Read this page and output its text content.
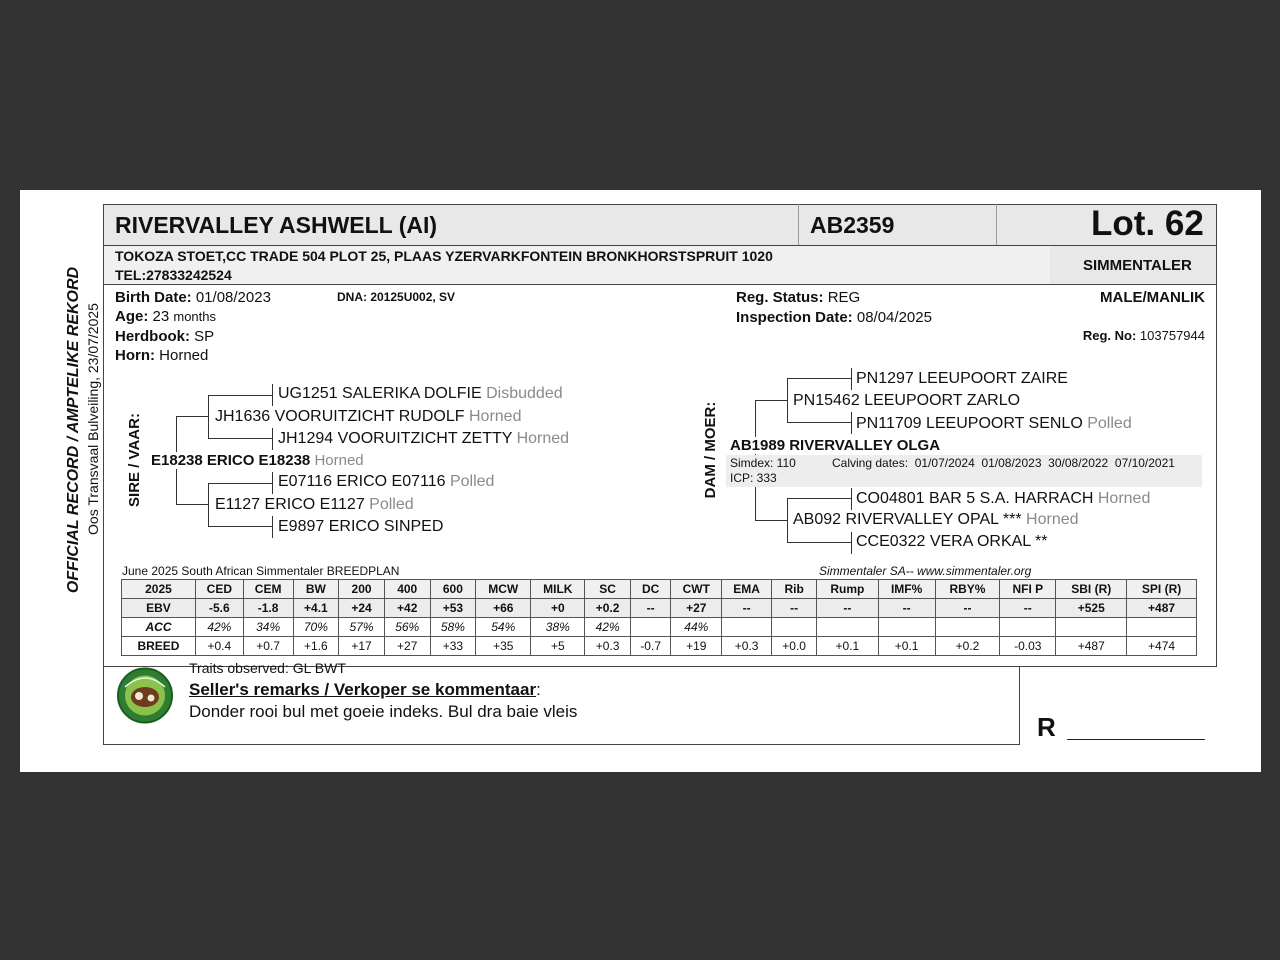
OFFICIAL RECORD / AMPTELIKE REKORD Oos Transvaal Bulveiling, 23/07/2025
RIVERVALLEY ASHWELL (AI)	AB2359	Lot. 62
TOKOZA STOET,CC TRADE 504 PLOT 25, PLAAS YZERVARKFONTEIN BRONKHORSTSPRUIT 1020
TEL:27833242524
SIMMENTALER
Birth Date: 01/08/2023	DNA: 20125U002, SV
Age: 23 months
Herdbook: SP
Horn: Horned
Reg. Status: REG
Inspection Date: 08/04/2025
MALE/MANLIK
Reg. No: 103757944
SIRE / VAAR:
UG1251 SALERIKA DOLFIE Disbudded
JH1636 VOORUITZICHT RUDOLF Horned
JH1294 VOORUITZICHT ZETTY Horned
E18238 ERICO E18238 Horned
E07116 ERICO E07116 Polled
E1127 ERICO E1127 Polled
E9897 ERICO SINPED
DAM / MOER:
PN1297 LEEUPOORT ZAIRE
PN15462 LEEUPOORT ZARLO
PN11709 LEEUPOORT SENLO Polled
AB1989 RIVERVALLEY OLGA
Simdex: 110	Calving dates:  01/07/2024  01/08/2023  30/08/2022  07/10/2021
ICP: 333
CO04801 BAR 5 S.A. HARRACH Horned
AB092 RIVERVALLEY OPAL *** Horned
CCE0322 VERA ORKAL **
June 2025 South African Simmentaler BREEDPLAN	Simmentaler SA-- www.simmentaler.org
Traits observed: GL BWT
Seller's remarks / Verkoper se kommentaar:
Donder rooi bul met goeie indeks. Bul dra baie vleis
R
2025	CED	CEM	BW	200	400	600	MCW	MILK	SC	DC	CWT	EMA	Rib	Rump	IMF%	RBY%	NFI P	SBI (R)	SPI (R)
EBV	-5.6	-1.8	+4.1	+24	+42	+53	+66	+0	+0.2	--	+27	--	--	--	--	--	--	+525	+487
ACC	42%	34%	70%	57%	56%	58%	54%	38%	42%		44%								
BREED	+0.4	+0.7	+1.6	+17	+27	+33	+35	+5	+0.3	-0.7	+19	+0.3	+0.0	+0.1	+0.1	+0.2	-0.03	+487	+474
